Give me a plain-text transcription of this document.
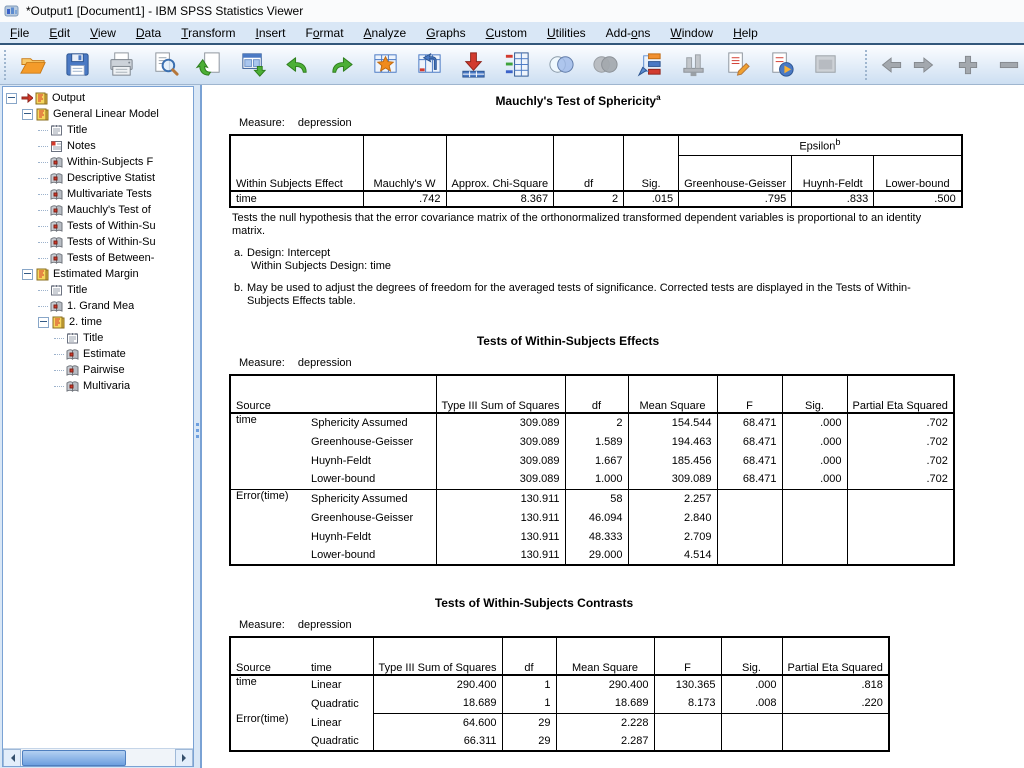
*Output1 [Document1] - IBM SPSS Statistics Viewer
File	Edit	View	Data	Transform	Insert	Format	Analyze	Graphs	Custom	Utilities	Add-ons	Window	Help
Output
General Linear Model
Title
Notes
Within-Subjects F
Descriptive Statist
Multivariate Tests
Mauchly's Test of
Tests of Within-Su
Tests of Within-Su
Tests of Between-
Estimated Margin
Title
1. Grand Mea
2. time
Title
Estimate
Pairwise
Multivaria
Mauchly's Test of Sphericity$^a$
Measure: depression
Within Subjects Effect	Mauchly's W	Approx. Chi-Square	df	Sig.	Epsilon$^b$
					Greenhouse-Geisser	Huynh-Feldt	Lower-bound
time	.742	8.367	2	.015	.795	.833	.500
Tests the null hypothesis that the error covariance matrix of the orthonormalized transformed dependent variables is proportional to an identity matrix.
a. Design: Intercept
Within Subjects Design: time
b. May be used to adjust the degrees of freedom for the averaged tests of significance. Corrected tests are displayed in the Tests of Within-Subjects Effects table.
Tests of Within-Subjects Effects
Measure: depression
Source		Type III Sum of Squares	df	Mean Square	F	Sig.	Partial Eta Squared
time	Sphericity Assumed	309.089	2	154.544	68.471	.000	.702
	Greenhouse-Geisser	309.089	1.589	194.463	68.471	.000	.702
	Huynh-Feldt	309.089	1.667	185.456	68.471	.000	.702
	Lower-bound	309.089	1.000	309.089	68.471	.000	.702
Error(time)	Sphericity Assumed	130.911	58	2.257			
	Greenhouse-Geisser	130.911	46.094	2.840			
	Huynh-Feldt	130.911	48.333	2.709			
	Lower-bound	130.911	29.000	4.514			
Tests of Within-Subjects Contrasts
Measure: depression
Source	time	Type III Sum of Squares	df	Mean Square	F	Sig.	Partial Eta Squared
time	Linear	290.400	1	290.400	130.365	.000	.818
	Quadratic	18.689	1	18.689	8.173	.008	.220
Error(time)	Linear	64.600	29	2.228			
	Quadratic	66.311	29	2.287			
